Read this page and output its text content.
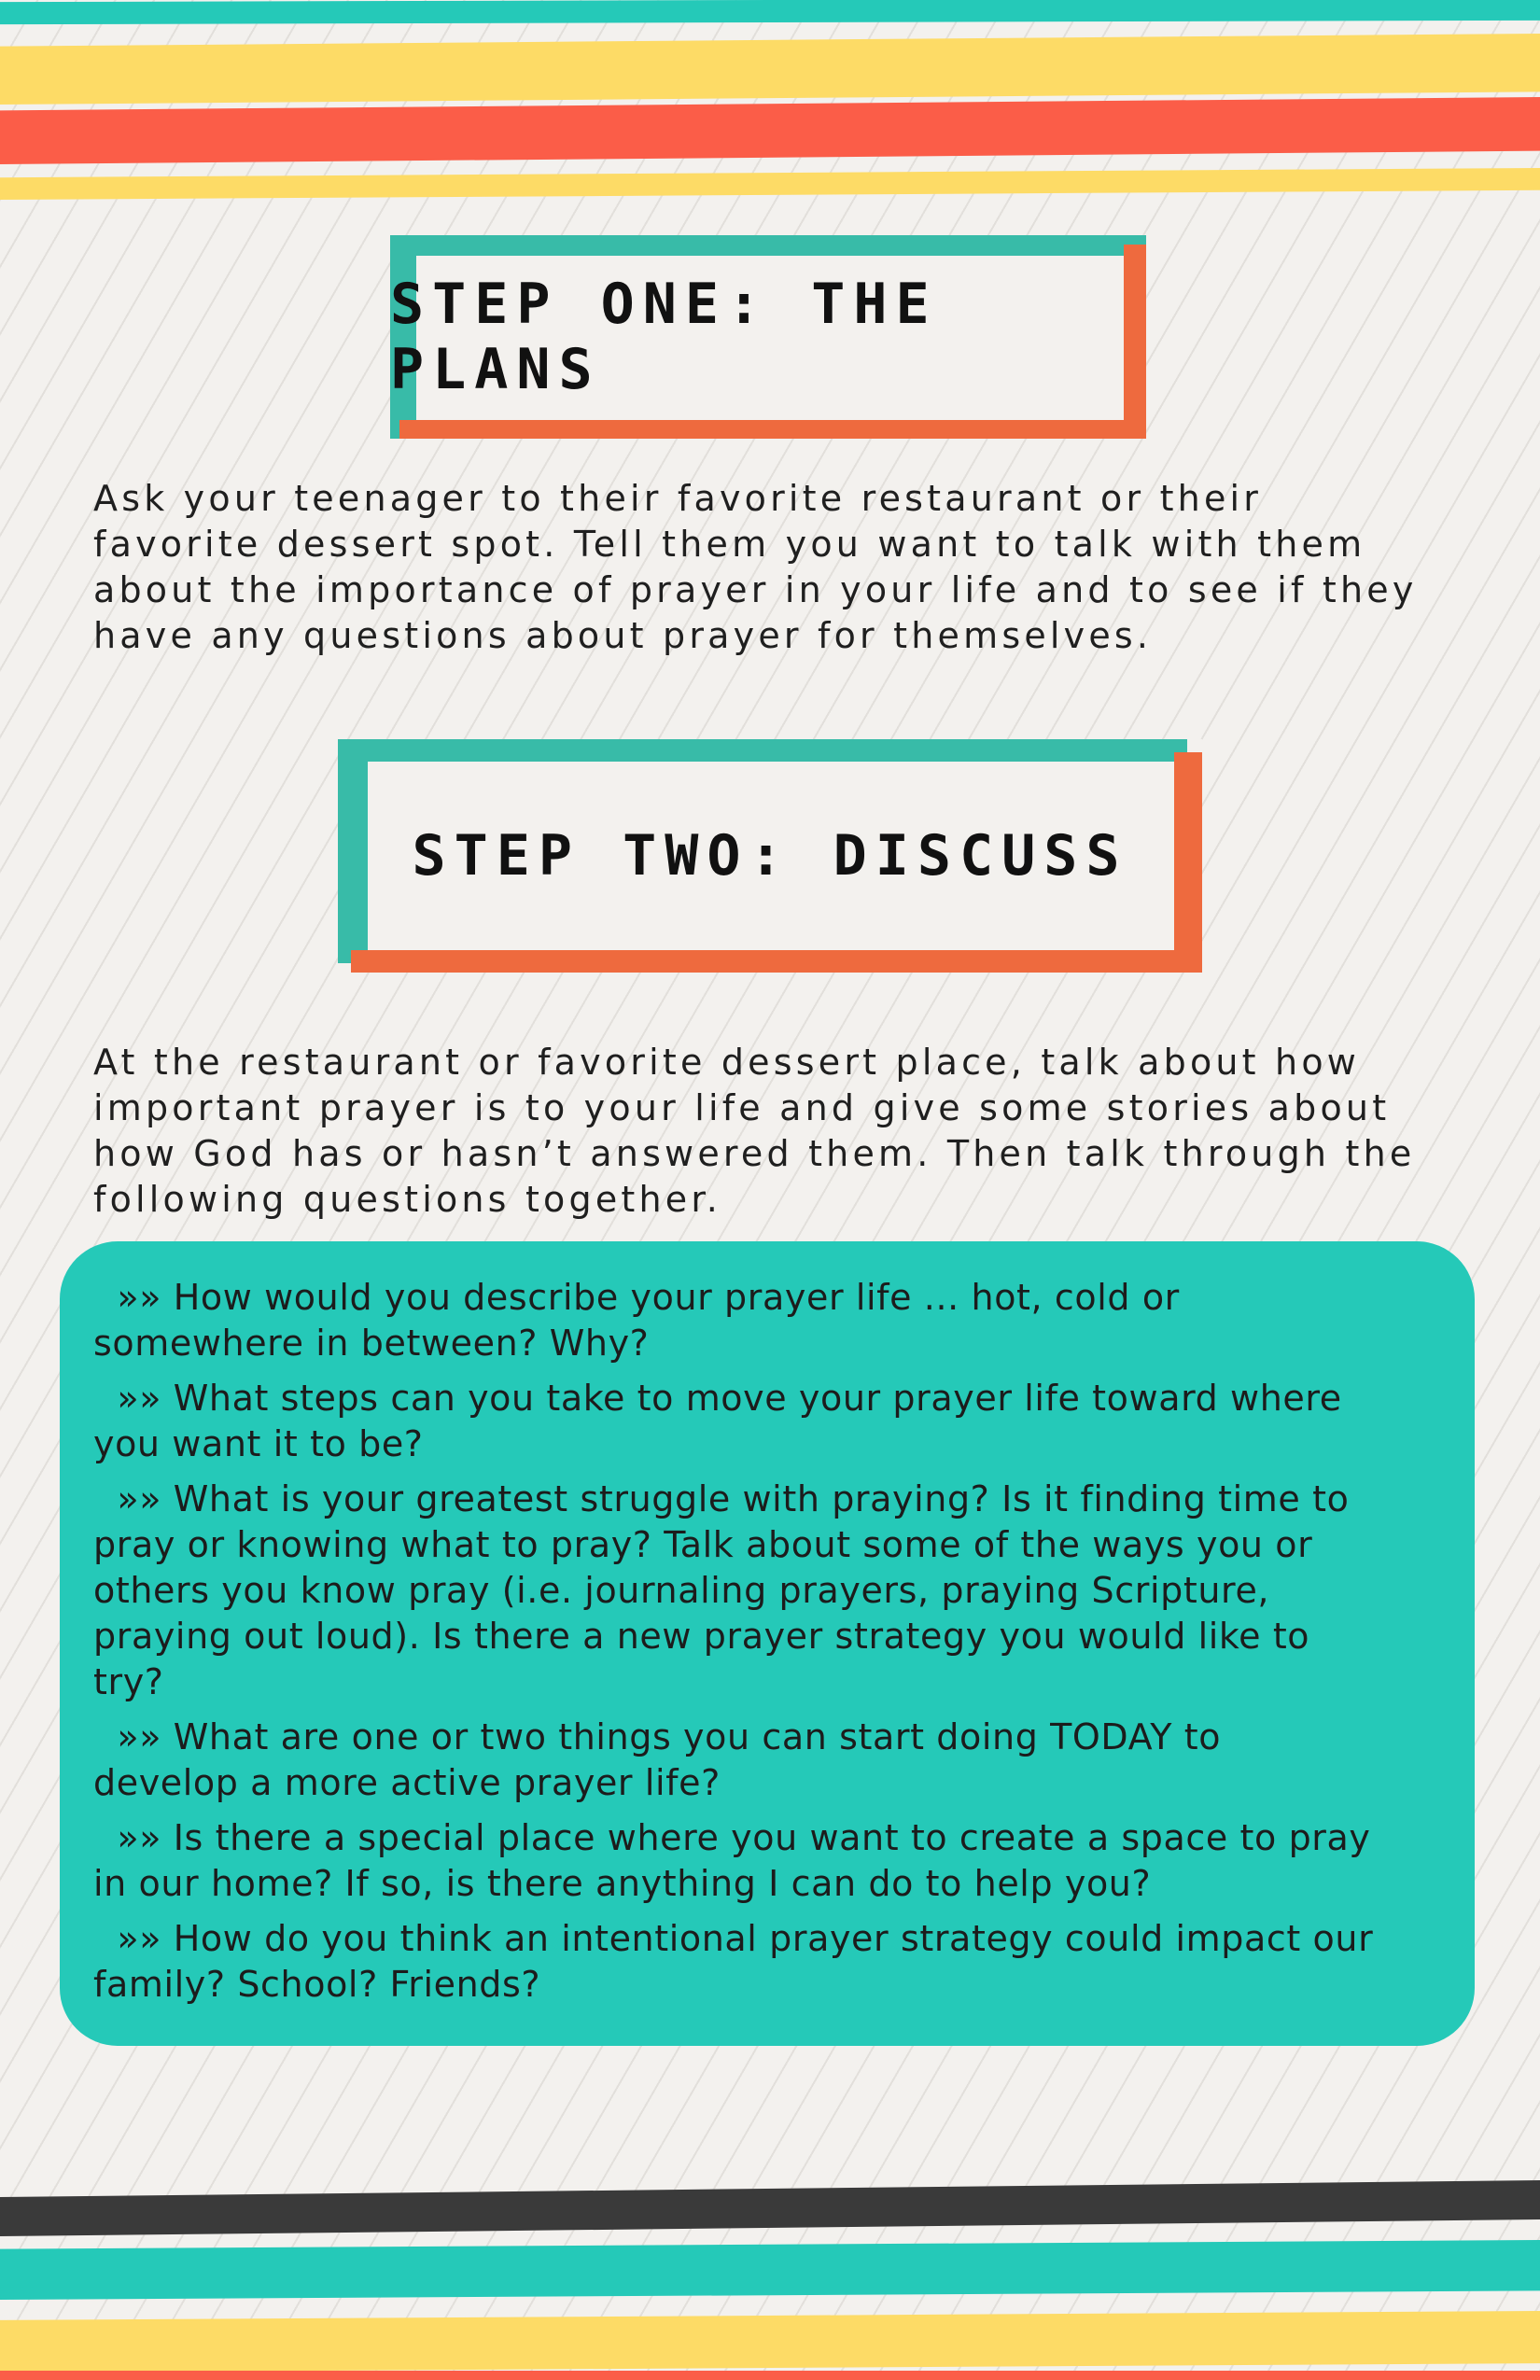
STEP ONE: THE PLANS
Ask your teenager to their favorite restaurant or their
favorite dessert spot. Tell them you want to talk with them
about the importance of prayer in your life and to see if they
have any questions about prayer for themselves.
STEP TWO: DISCUSS
At the restaurant or favorite dessert place, talk about how
important prayer is to your life and give some stories about
how God has or hasn’t answered them. Then talk through the
following questions together.
»» How would you describe your prayer life ... hot, cold or
somewhere in between? Why?
»» What steps can you take to move your prayer life toward where
you want it to be?
»» What is your greatest struggle with praying? Is it finding time to
pray or knowing what to pray? Talk about some of the ways you or
others you know pray (i.e. journaling prayers, praying Scripture,
praying out loud). Is there a new prayer strategy you would like to
try?
»» What are one or two things you can start doing TODAY to
develop a more active prayer life?
»» Is there a special place where you want to create a space to pray
in our home? If so, is there anything I can do to help you?
»» How do you think an intentional prayer strategy could impact our
family? School? Friends?
